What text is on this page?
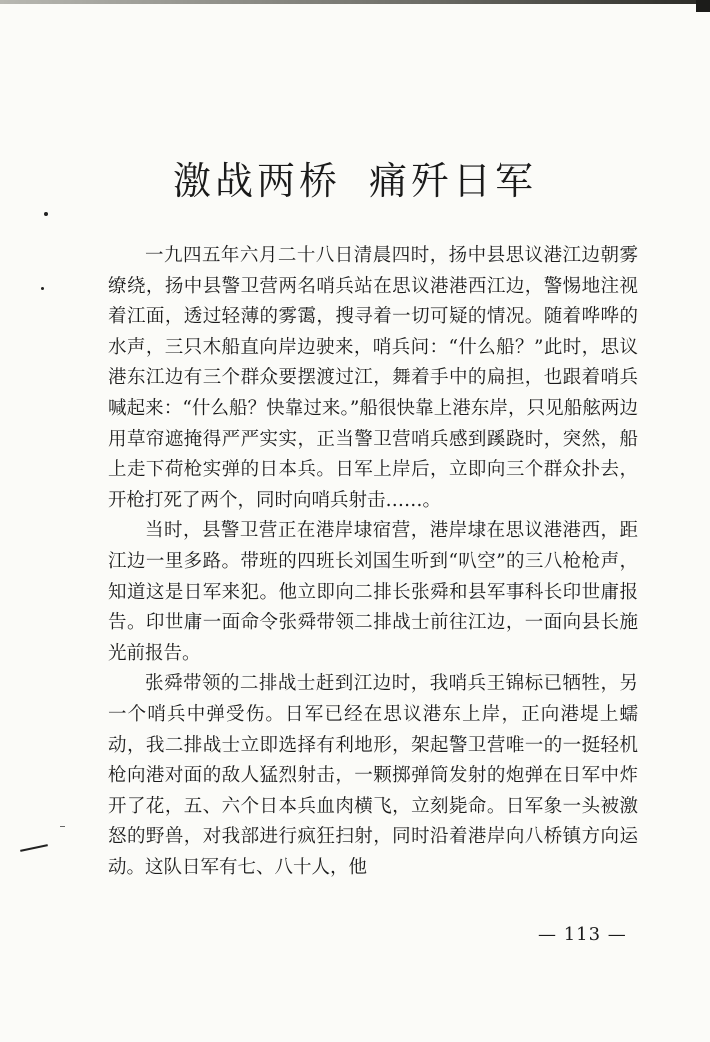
激战两桥 痛歼日军

一九四五年六月二十八日清晨四时，扬中县思议港江边朝雾缭绕，扬中县警卫营两名哨兵站在思议港港西江边，警惕地注视着江面，透过轻薄的雾霭，搜寻着一切可疑的情况。随着哗哗的水声，三只木船直向岸边驶来，哨兵问：“什么船？”此时，思议港东江边有三个群众要摆渡过江，舞着手中的扁担，也跟着哨兵喊起来：“什么船？快靠过来。”船很快靠上港东岸，只见船舷两边用草帘遮掩得严严实实，正当警卫营哨兵感到蹊跷时，突然，船上走下荷枪实弹的日本兵。日军上岸后，立即向三个群众扑去，开枪打死了两个，同时向哨兵射击……。

当时，县警卫营正在港岸埭宿营，港岸埭在思议港港西，距江边一里多路。带班的四班长刘国生听到“叭空”的三八枪枪声，知道这是日军来犯。他立即向二排长张舜和县军事科长印世庸报告。印世庸一面命令张舜带领二排战士前往江边，一面向县长施光前报告。

张舜带领的二排战士赶到江边时，我哨兵王锦标已牺牲，另一个哨兵中弹受伤。日军已经在思议港东上岸，正向港堤上蠕动，我二排战士立即选择有利地形，架起警卫营唯一的一挺轻机枪向港对面的敌人猛烈射击，一颗掷弹筒发射的炮弹在日军中炸开了花，五、六个日本兵血肉横飞，立刻毙命。日军象一头被激怒的野兽，对我部进行疯狂扫射，同时沿着港岸向八桥镇方向运动。这队日军有七、八十人，他

— 113 —
